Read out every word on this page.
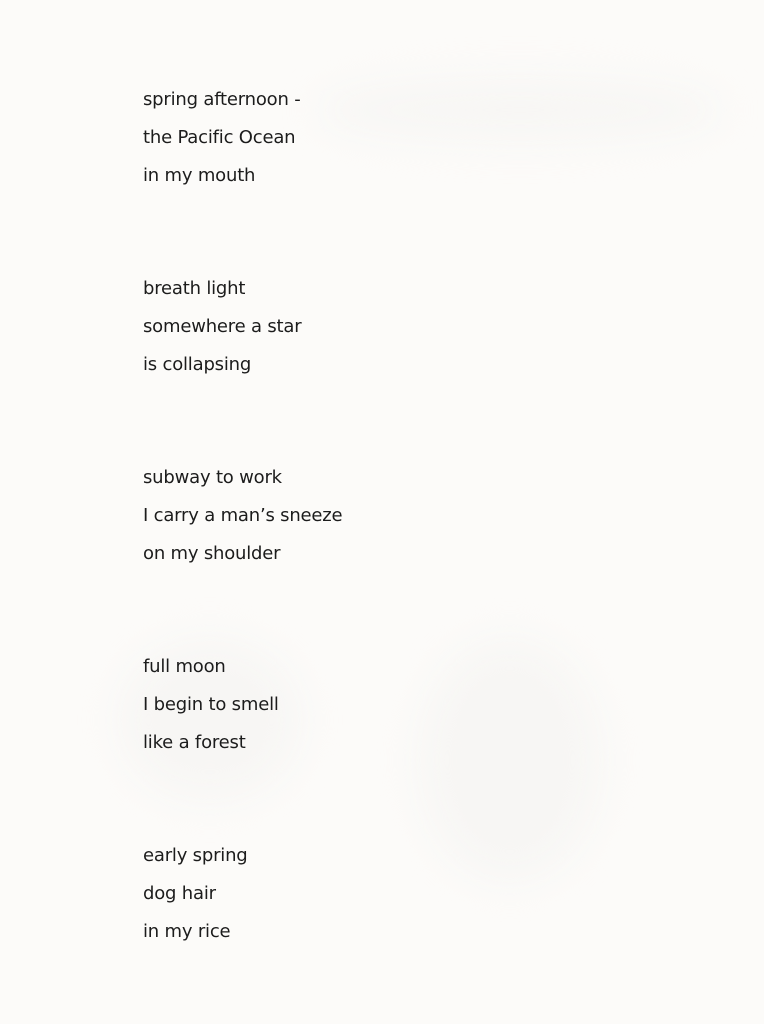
spring afternoon -
the Pacific Ocean
in my mouth
breath light
somewhere a star
is collapsing
subway to work
I carry a man’s sneeze
on my shoulder
full moon
I begin to smell
like a forest
early spring
dog hair
in my rice
